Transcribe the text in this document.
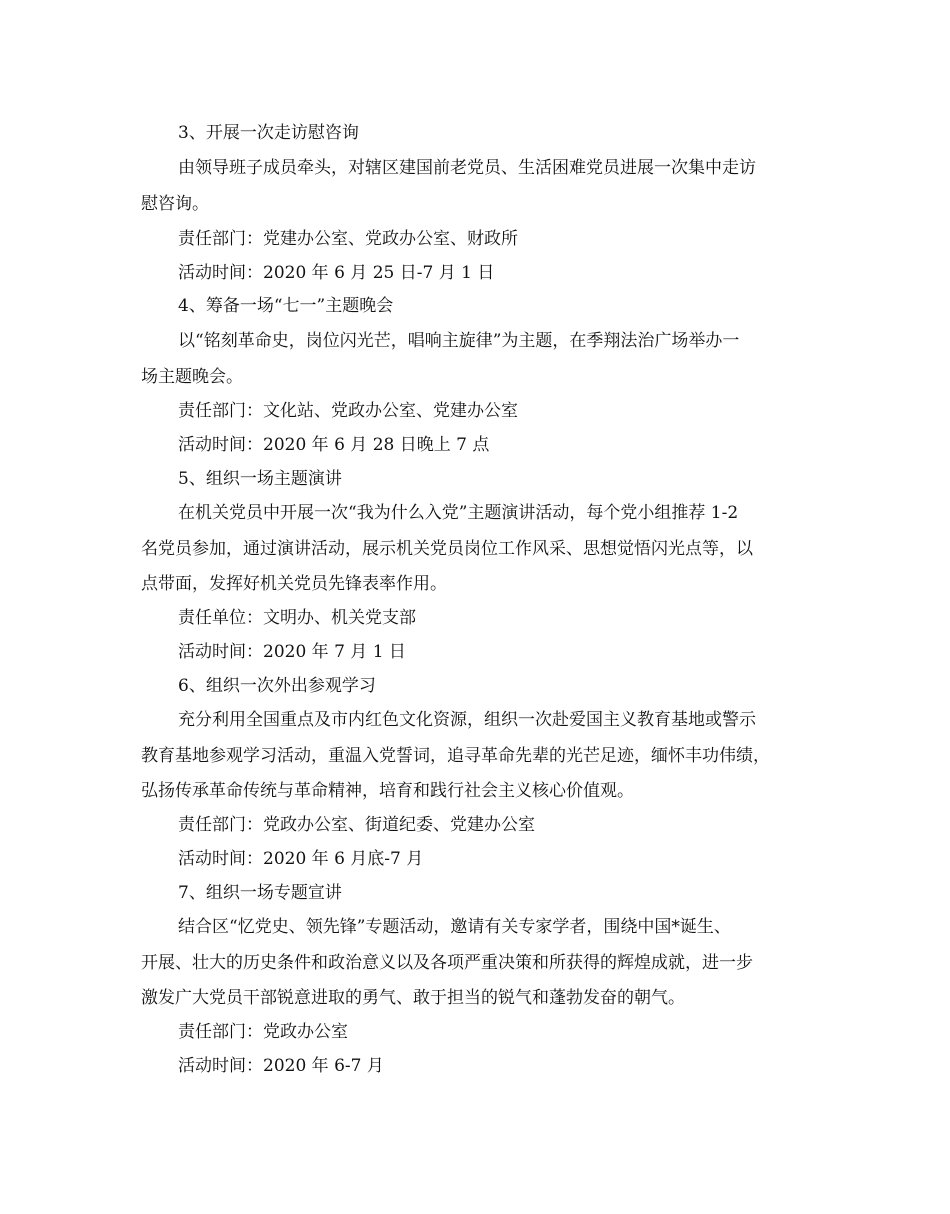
3、开展一次走访慰咨询
由领导班子成员牵头，对辖区建国前老党员、生活困难党员进展一次集中走访
慰咨询。
责任部门：党建办公室、党政办公室、财政所
活动时间：2020 年 6 月 25 日-7 月 1 日
4、筹备一场“七一”主题晚会
以“铭刻革命史，岗位闪光芒，唱响主旋律”为主题，在季翔法治广场举办一
场主题晚会。
责任部门：文化站、党政办公室、党建办公室
活动时间：2020 年 6 月 28 日晚上 7 点
5、组织一场主题演讲
在机关党员中开展一次“我为什么入党”主题演讲活动，每个党小组推荐 1-2
名党员参加，通过演讲活动，展示机关党员岗位工作风采、思想觉悟闪光点等，以
点带面，发挥好机关党员先锋表率作用。
责任单位：文明办、机关党支部
活动时间：2020 年 7 月 1 日
6、组织一次外出参观学习
充分利用全国重点及市内红色文化资源，组织一次赴爱国主义教育基地或警示
教育基地参观学习活动，重温入党誓词，追寻革命先辈的光芒足迹，缅怀丰功伟绩，
弘扬传承革命传统与革命精神，培育和践行社会主义核心价值观。
责任部门：党政办公室、街道纪委、党建办公室
活动时间：2020 年 6 月底-7 月
7、组织一场专题宣讲
结合区“忆党史、领先锋”专题活动，邀请有关专家学者，围绕中国*诞生、
开展、壮大的历史条件和政治意义以及各项严重决策和所获得的辉煌成就，进一步
激发广大党员干部锐意进取的勇气、敢于担当的锐气和蓬勃发奋的朝气。
责任部门：党政办公室
活动时间：2020 年 6-7 月
